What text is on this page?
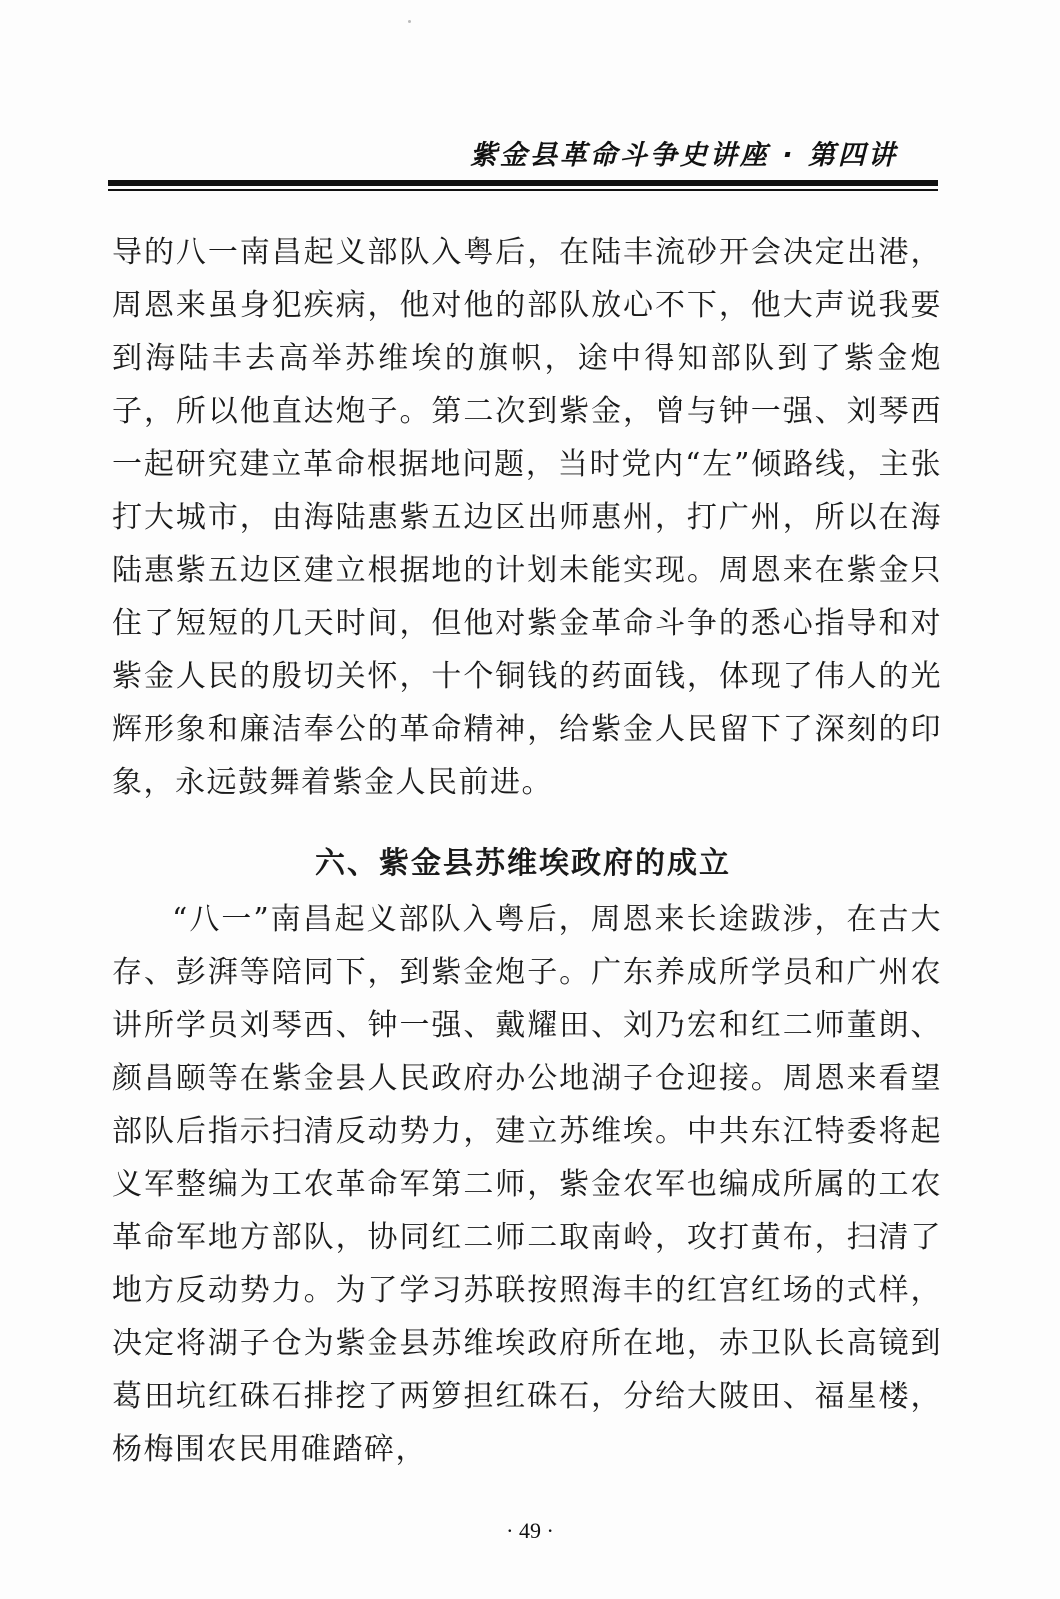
紫金县革命斗争史讲座 · 第四讲

导的八一南昌起义部队入粤后，在陆丰流砂开会决定出港，周恩来虽身犯疾病，他对他的部队放心不下，他大声说我要到海陆丰去高举苏维埃的旗帜，途中得知部队到了紫金炮子，所以他直达炮子。第二次到紫金，曾与钟一强、刘琴西一起研究建立革命根据地问题，当时党内“左”倾路线，主张打大城市，由海陆惠紫五边区出师惠州，打广州，所以在海陆惠紫五边区建立根据地的计划未能实现。周恩来在紫金只住了短短的几天时间，但他对紫金革命斗争的悉心指导和对紫金人民的殷切关怀，十个铜钱的药面钱，体现了伟人的光辉形象和廉洁奉公的革命精神，给紫金人民留下了深刻的印象，永远鼓舞着紫金人民前进。

六、紫金县苏维埃政府的成立

“八一”南昌起义部队入粤后，周恩来长途跋涉，在古大存、彭湃等陪同下，到紫金炮子。广东养成所学员和广州农讲所学员刘琴西、钟一强、戴耀田、刘乃宏和红二师董朗、颜昌颐等在紫金县人民政府办公地湖子仓迎接。周恩来看望部队后指示扫清反动势力，建立苏维埃。中共东江特委将起义军整编为工农革命军第二师，紫金农军也编成所属的工农革命军地方部队，协同红二师二取南岭，攻打黄布，扫清了地方反动势力。为了学习苏联按照海丰的红宫红场的式样，决定将湖子仓为紫金县苏维埃政府所在地，赤卫队长高镜到葛田坑红硃石排挖了两箩担红硃石，分给大陂田、福星楼，杨梅围农民用碓踏碎，

· 49 ·
